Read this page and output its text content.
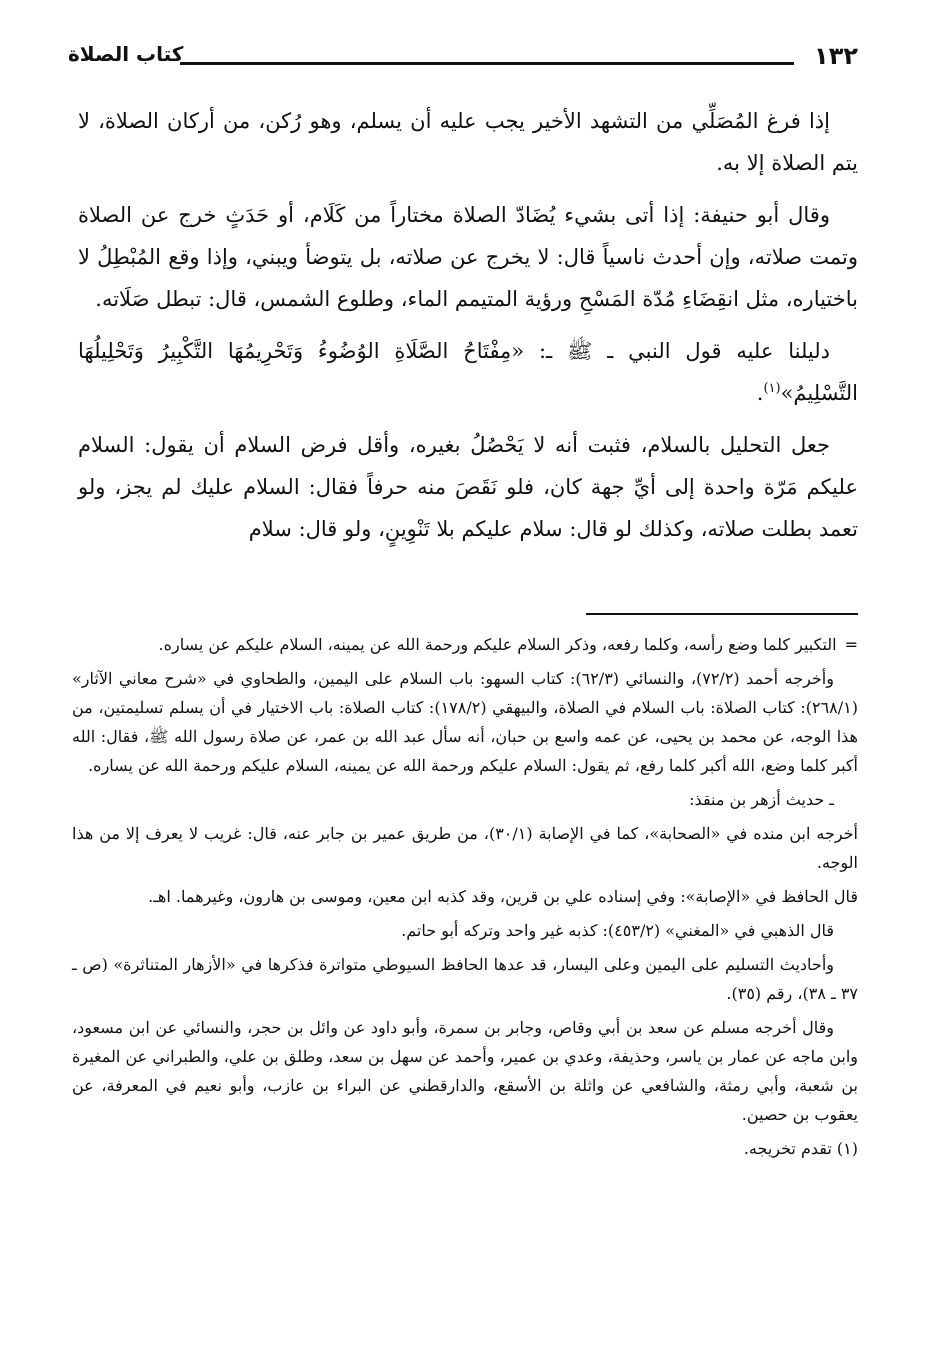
١٣٢
كتاب الصلاة

إذا فرغ المُصَلِّي من التشهد الأخير يجب عليه أن يسلم، وهو رُكن، من أركان الصلاة، لا يتم الصلاة إلا به.

وقال أبو حنيفة: إذا أتى بشيء يُضَادّ الصلاة مختاراً من كَلَام، أو حَدَثٍ خرج عن الصلاة وتمت صلاته، وإن أحدث ناسياً قال: لا يخرج عن صلاته، بل يتوضأ ويبني، وإذا وقع المُبْطِلُ لا باختياره، مثل انقِضَاءِ مُدّة المَسْحِ ورؤية المتيمم الماء، وطلوع الشمس، قال: تبطل صَلَاته.

دليلنا عليه قول النبي ـ ﷺ ـ: «مِفْتَاحُ الصَّلَاةِ الوُضُوءُ وَتَحْرِيمُهَا التَّكْبِيرُ وَتَحْلِيلُهَا التَّسْلِيمُ»$^{(١)}$.

جعل التحليل بالسلام، فثبت أنه لا يَحْصُلُ بغيره، وأقل فرض السلام أن يقول: السلام عليكم مَرّة واحدة إلى أيِّ جهة كان، فلو نَقَصَ منه حرفاً فقال: السلام عليك لم يجز، ولو تعمد بطلت صلاته، وكذلك لو قال: سلام عليكم بلا تَنْوِينٍ، ولو قال: سلام

=التكبير كلما وضع رأسه، وكلما رفعه، وذكر السلام عليكم ورحمة الله عن يمينه، السلام عليكم عن يساره.

وأخرجه أحمد (٧٢/٢)، والنسائي (٦٢/٣): كتاب السهو: باب السلام على اليمين، والطحاوي في «شرح معاني الآثار» (٢٦٨/١): كتاب الصلاة: باب السلام في الصلاة، والبيهقي (١٧٨/٢): كتاب الصلاة: باب الاختيار في أن يسلم تسليمتين، من هذا الوجه، عن محمد بن يحيى، عن عمه واسع بن حبان، أنه سأل عبد الله بن عمر، عن صلاة رسول الله ﷺ، فقال: الله أكبر كلما وضع، الله أكبر كلما رفع، ثم يقول: السلام عليكم ورحمة الله عن يمينه، السلام عليكم ورحمة الله عن يساره.

ـ حديث أزهر بن منقذ:

أخرجه ابن منده في «الصحابة»، كما في الإصابة (٣٠/١)، من طريق عمير بن جابر عنه، قال: غريب لا يعرف إلا من هذا الوجه.

قال الحافظ في «الإصابة»: وفي إسناده علي بن قرين، وقد كذبه ابن معين، وموسى بن هارون، وغيرهما. اهـ.

قال الذهبي في «المغني» (٤٥٣/٢): كذبه غير واحد وتركه أبو حاتم.

وأحاديث التسليم على اليمين وعلى اليسار، قد عدها الحافظ السيوطي متواترة فذكرها في «الأزهار المتناثرة» (ص ـ ٣٧ ـ ٣٨)، رقم (٣٥).

وقال أخرجه مسلم عن سعد بن أبي وقاص، وجابر بن سمرة، وأبو داود عن وائل بن حجر، والنسائي عن ابن مسعود، وابن ماجه عن عمار بن ياسر، وحذيفة، وعدي بن عمير، وأحمد عن سهل بن سعد، وطلق بن علي، والطبراني عن المغيرة بن شعبة، وأبي رمثة، والشافعي عن واثلة بن الأسقع، والدارقطني عن البراء بن عازب، وأبو نعيم في المعرفة، عن يعقوب بن حصين.

(١) تقدم تخريجه.
